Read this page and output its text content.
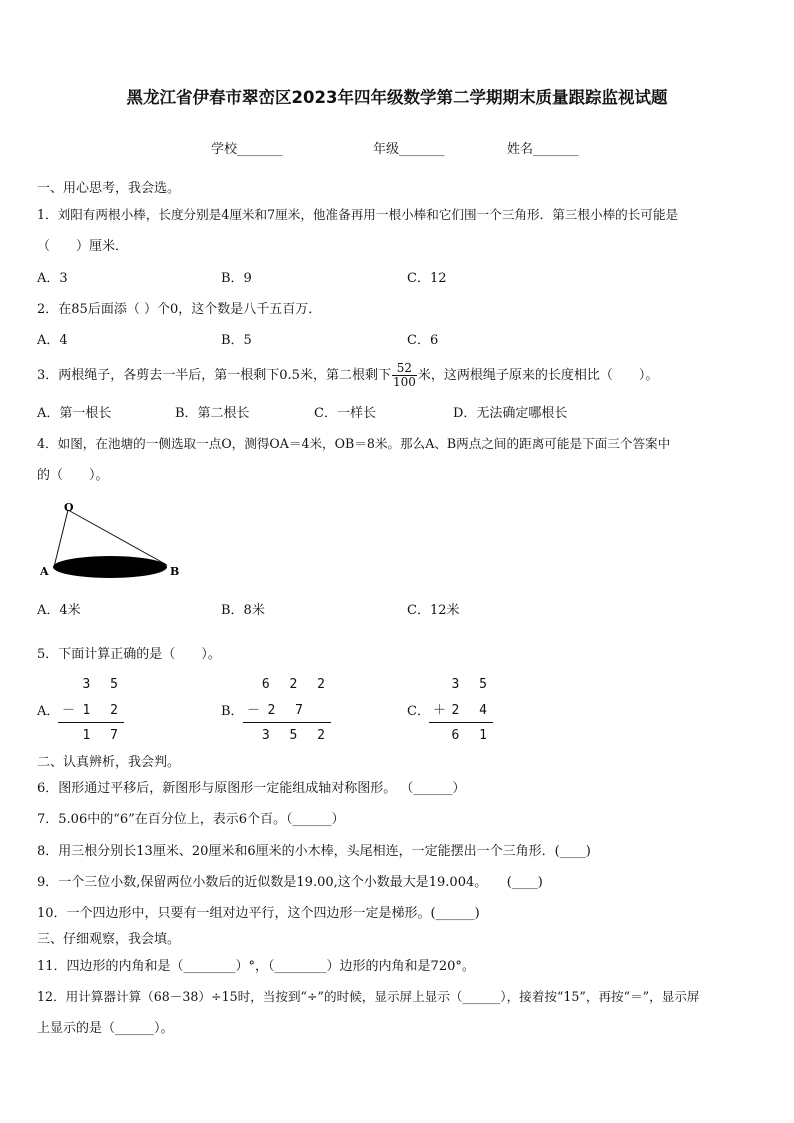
黑龙江省伊春市翠峦区2023年四年级数学第二学期期末质量跟踪监视试题
学校_______	年级_______	姓名_______
一、用心思考，我会选。
1．刘阳有两根小棒，长度分别是4厘米和7厘米，他准备再用一根小棒和它们围一个三角形．第三根小棒的长可能是
（　　）厘米．
A．3	B．9	C．12
2．在85后面添（ ）个0，这个数是八千五百万．
A．4	B．5	C．6
3．两根绳子，各剪去一半后，第一根剩下0.5米，第二根剩下 $\frac{52}{100}$ 米，这两根绳子原来的长度相比（　　）。
A．第一根长	B．第二根长	C．一样长	D．无法确定哪根长
4．如图，在池塘的一侧选取一点O，测得OA＝4米，OB＝8米。那么A、B两点之间的距离可能是下面三个答案中
的（　　）。
O
A	B
A．4米	B．8米	C．12米
5．下面计算正确的是（　　）。
A．
3 5
－ 1 2
1 7
B．
6 2 2
－ 2 7
3 5 2
C．
3 5
＋ 2 4
6 1
二、认真辨析，我会判。
6．图形通过平移后，新图形与原图形一定能组成轴对称图形。 （______）
7．5.06中的“6”在百分位上，表示6个百。（______）
8．用三根分别长13厘米、20厘米和6厘米的小木棒，头尾相连，一定能摆出一个三角形．(____)
9．一个三位小数,保留两位小数后的近似数是19.00,这个小数最大是19.004。　　(____)
10．一个四边形中，只要有一组对边平行，这个四边形一定是梯形。(______)
三、仔细观察，我会填。
11．四边形的内角和是（________）°，（________）边形的内角和是720°。
12．用计算器计算（68－38）÷15时，当按到“÷”的时候，显示屏上显示（______），接着按“15”，再按“＝”，显示屏
上显示的是（______）。
